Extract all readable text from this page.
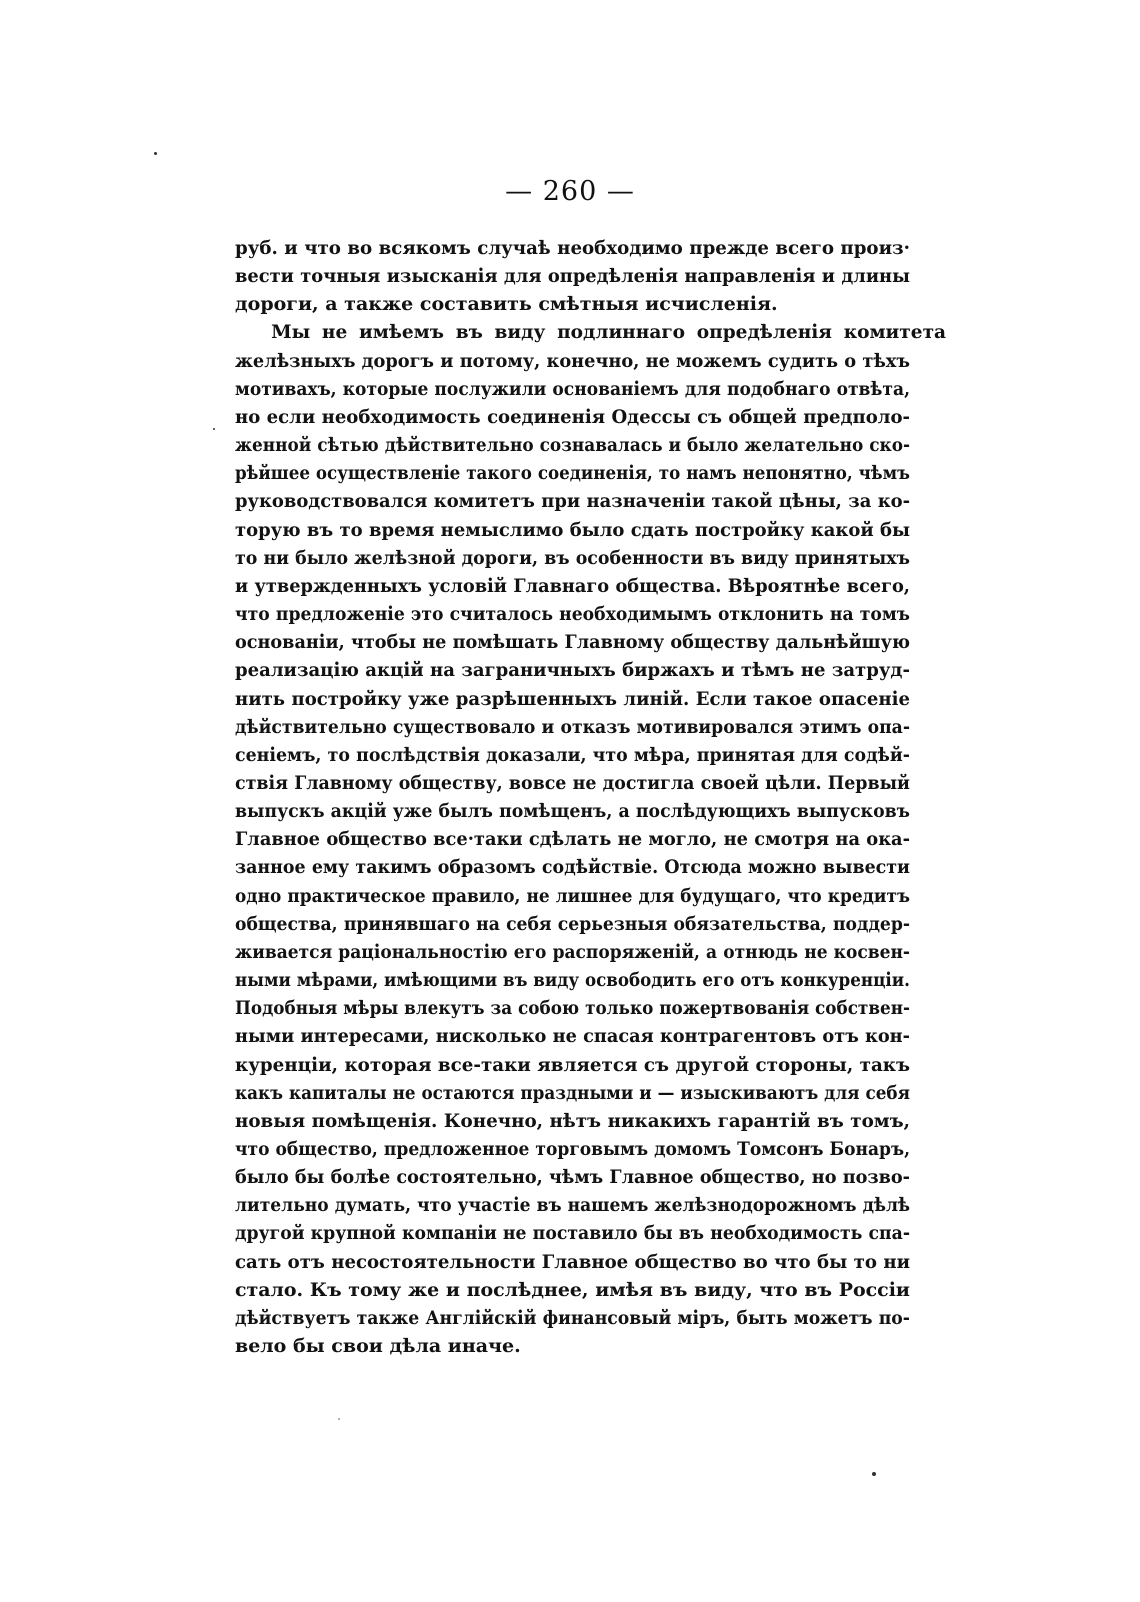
— 260 —
руб. и что во всякомъ случаѣ необходимо прежде всего произ·
вести точныя изысканія для опредѣленія направленія и длины
дороги, а также составить смѣтныя исчисленія.
Мы не имѣемъ въ виду подлиннаго опредѣленія комитета
желѣзныхъ дорогъ и потому, конечно, не можемъ судить о тѣхъ
мотивахъ, которые послужили основаніемъ для подобнаго отвѣта,
но если необходимость соединенія Одессы съ общей предполо-
женной сѣтью дѣйствительно сознавалась и было желательно ско-
рѣйшее осуществленіе такого соединенія, то намъ непонятно, чѣмъ
руководствовался комитетъ при назначеніи такой цѣны, за ко-
торую въ то время немыслимо было сдать постройку какой бы
то ни было желѣзной дороги, въ особенности въ виду принятыхъ
и утвержденныхъ условій Главнаго общества. Вѣроятнѣе всего,
что предложеніе это считалось необходимымъ отклонить на томъ
основаніи, чтобы не помѣшать Главному обществу дальнѣйшую
реализацію акцій на заграничныхъ биржахъ и тѣмъ не затруд-
нить постройку уже разрѣшенныхъ линій. Если такое опасеніе
дѣйствительно существовало и отказъ мотивировался этимъ опа-
сеніемъ, то послѣдствія доказали, что мѣра, принятая для содѣй-
ствія Главному обществу, вовсе не достигла своей цѣли. Первый
выпускъ акцій уже былъ помѣщенъ, а послѣдующихъ выпусковъ
Главное общество все·таки сдѣлать не могло, не смотря на ока-
занное ему такимъ образомъ содѣйствіе. Отсюда можно вывести
одно практическое правило, не лишнее для будущаго, что кредитъ
общества, принявшаго на себя серьезныя обязательства, поддер-
живается раціональностію его распоряженій, а отнюдь не косвен-
ными мѣрами, имѣющими въ виду освободить его отъ конкуренціи.
Подобныя мѣры влекутъ за собою только пожертвованія собствен-
ными интересами, нисколько не спасая контрагентовъ отъ кон-
куренціи, которая все-таки является съ другой стороны, такъ
какъ капиталы не остаются праздными и — изыскиваютъ для себя
новыя помѣщенія. Конечно, нѣтъ никакихъ гарантій въ томъ,
что общество, предложенное торговымъ домомъ Томсонъ Бонаръ,
было бы болѣе состоятельно, чѣмъ Главное общество, но позво-
лительно думать, что участіе въ нашемъ желѣзнодорожномъ дѣлѣ
другой крупной компаніи не поставило бы въ необходимость спа-
сать отъ несостоятельности Главное общество во что бы то ни
стало. Къ тому же и послѣднее, имѣя въ виду, что въ Россіи
дѣйствуетъ также Англійскій финансовый міръ, быть можетъ по-
вело бы свои дѣла иначе.
